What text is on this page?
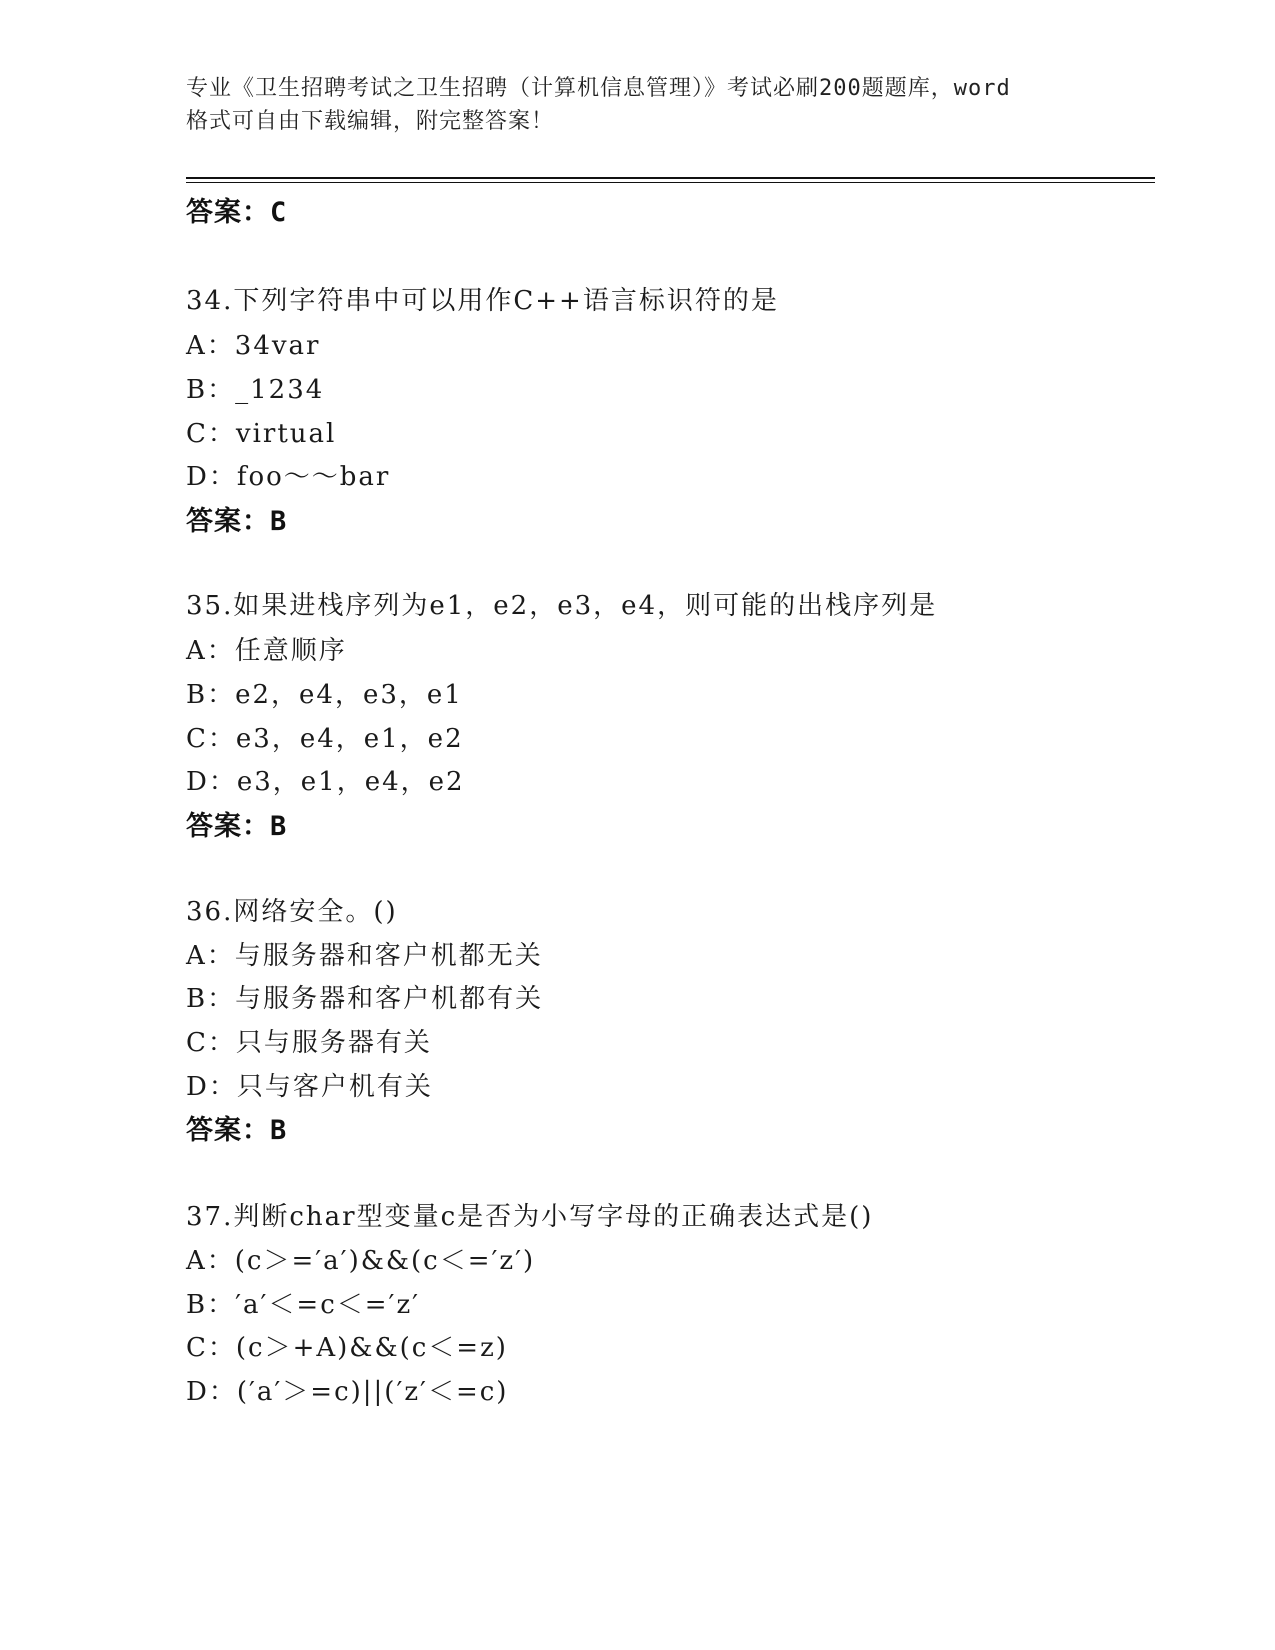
专业《卫生招聘考试之卫生招聘（计算机信息管理）》考试必刷200题题库，word
格式可自由下载编辑，附完整答案！
答案：C
34.下列字符串中可以用作C++语言标识符的是
A：34var
B：_1234
C：virtual
D：foo～～bar
答案：B
35.如果进栈序列为e1，e2，e3，e4，则可能的出栈序列是
A：任意顺序
B：e2，e4，e3，e1
C：e3，e4，e1，e2
D：e3，e1，e4，e2
答案：B
36.网络安全。()
A：与服务器和客户机都无关
B：与服务器和客户机都有关
C：只与服务器有关
D：只与客户机有关
答案：B
37.判断char型变量c是否为小写字母的正确表达式是()
A：(c＞=′a′)&&(c＜=′z′)
B：′a′＜=c＜=′z′
C：(c＞+A)&&(c＜=z)
D：(′a′＞=c)||(′z′＜=c)
